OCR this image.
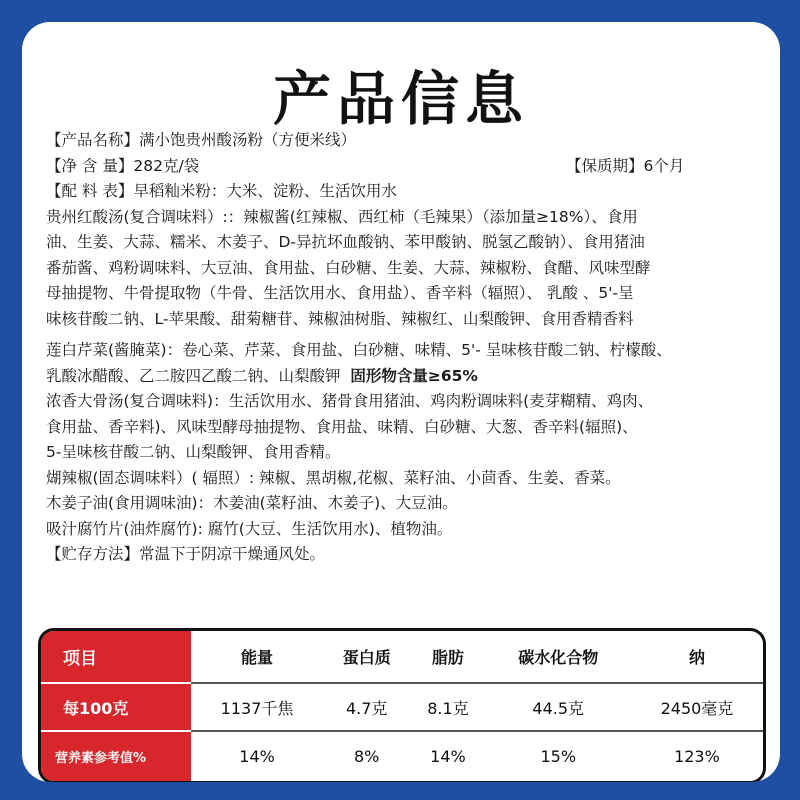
产品信息
【产品名称】满小饱贵州酸汤粉（方便米线）
【净 含 量】282克/袋	【保质期】6个月
【配 料 表】早稻籼米粉：大米、淀粉、生活饮用水
贵州红酸汤(复合调味料）:：辣椒酱(红辣椒、西红柿（毛辣果）（添加量≥18%）、食用
油、生姜、大蒜、糯米、木姜子、D-异抗坏血酸钠、苯甲酸钠、脱氢乙酸钠）、食用猪油
番茄酱、鸡粉调味料、大豆油、食用盐、白砂糖、生姜、大蒜、辣椒粉、食醋、风味型酵
母抽提物、牛骨提取物（牛骨、生活饮用水、食用盐）、香辛料（辐照）、 乳酸 、5'-呈
味核苷酸二钠、L-苹果酸、甜菊糖苷、辣椒油树脂、辣椒红、山梨酸钾、食用香精香料
莲白芹菜(酱腌菜)：卷心菜、芹菜、食用盐、白砂糖、味精、5'- 呈味核苷酸二钠、柠檬酸、
乳酸冰醋酸、乙二胺四乙酸二钠、山梨酸钾 固形物含量≥65%
浓香大骨汤(复合调味料)：生活饮用水、猪骨食用猪油、鸡肉粉调味料(麦芽糊精、鸡肉、
食用盐、香辛料)、风味型酵母抽提物、食用盐、味精、白砂糖、大葱、香辛料(辐照)、
5-呈味核苷酸二钠、山梨酸钾、食用香精。
煳辣椒(固态调味料）( 辐照）: 辣椒、黑胡椒,花椒、菜籽油、小茴香、生姜、香菜。
木姜子油(食用调味油)：木姜油(菜籽油、木姜子)、大豆油。
吸汁腐竹片(油炸腐竹): 腐竹(大豆、生活饮用水)、植物油。
【贮存方法】常温下于阴凉干燥通风处。
项目	能量	蛋白质	脂肪	碳水化合物	纳
每100克	1137千焦	4.7克	8.1克	44.5克	2450毫克
营养素参考值%	14%	8%	14%	15%	123%
